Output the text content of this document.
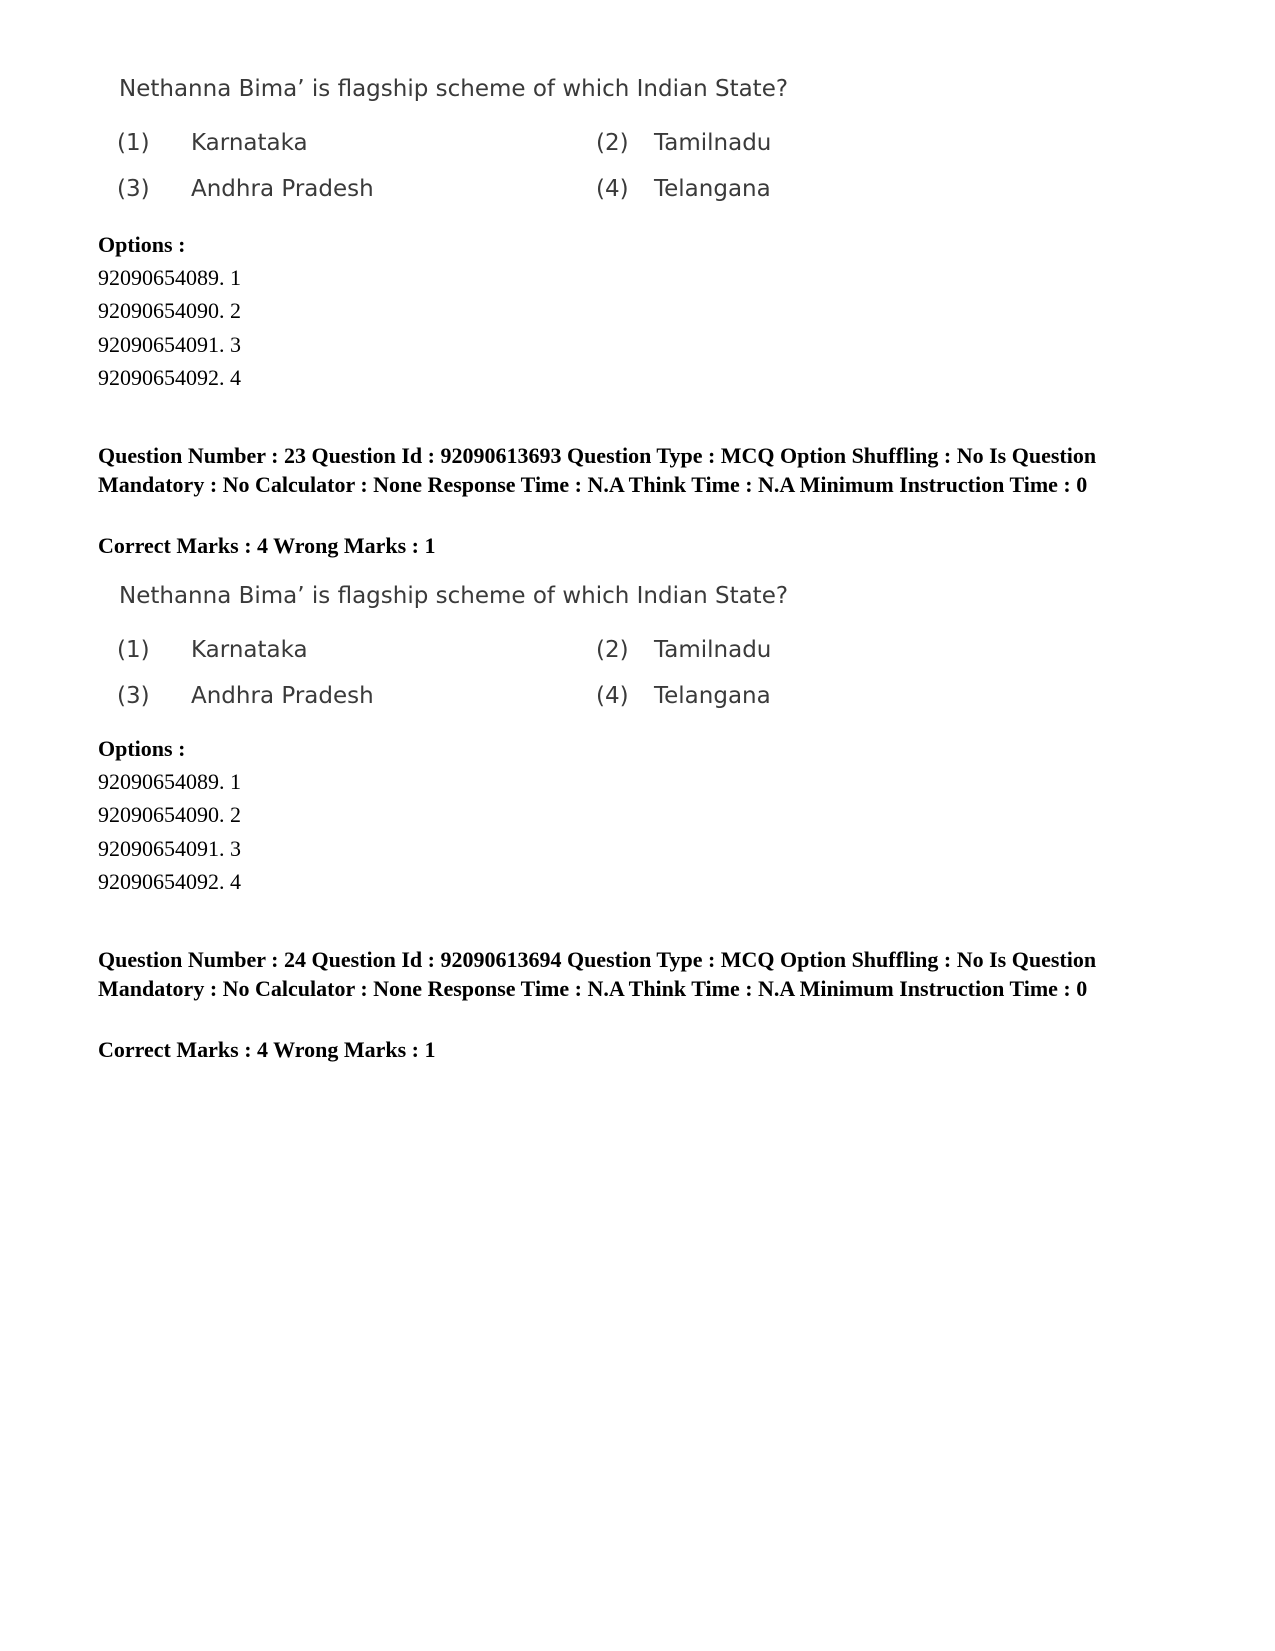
Nethanna Bima’ is flagship scheme of which Indian State?
(1) Karnataka	(2) Tamilnadu
(3) Andhra Pradesh	(4) Telangana
Options :
92090654089. 1
92090654090. 2
92090654091. 3
92090654092. 4
Question Number : 23 Question Id : 92090613693 Question Type : MCQ Option Shuffling : No Is Question Mandatory : No Calculator : None Response Time : N.A Think Time : N.A Minimum Instruction Time : 0
Correct Marks : 4 Wrong Marks : 1
Nethanna Bima’ is flagship scheme of which Indian State?
(1) Karnataka	(2) Tamilnadu
(3) Andhra Pradesh	(4) Telangana
Options :
92090654089. 1
92090654090. 2
92090654091. 3
92090654092. 4
Question Number : 24 Question Id : 92090613694 Question Type : MCQ Option Shuffling : No Is Question Mandatory : No Calculator : None Response Time : N.A Think Time : N.A Minimum Instruction Time : 0
Correct Marks : 4 Wrong Marks : 1
